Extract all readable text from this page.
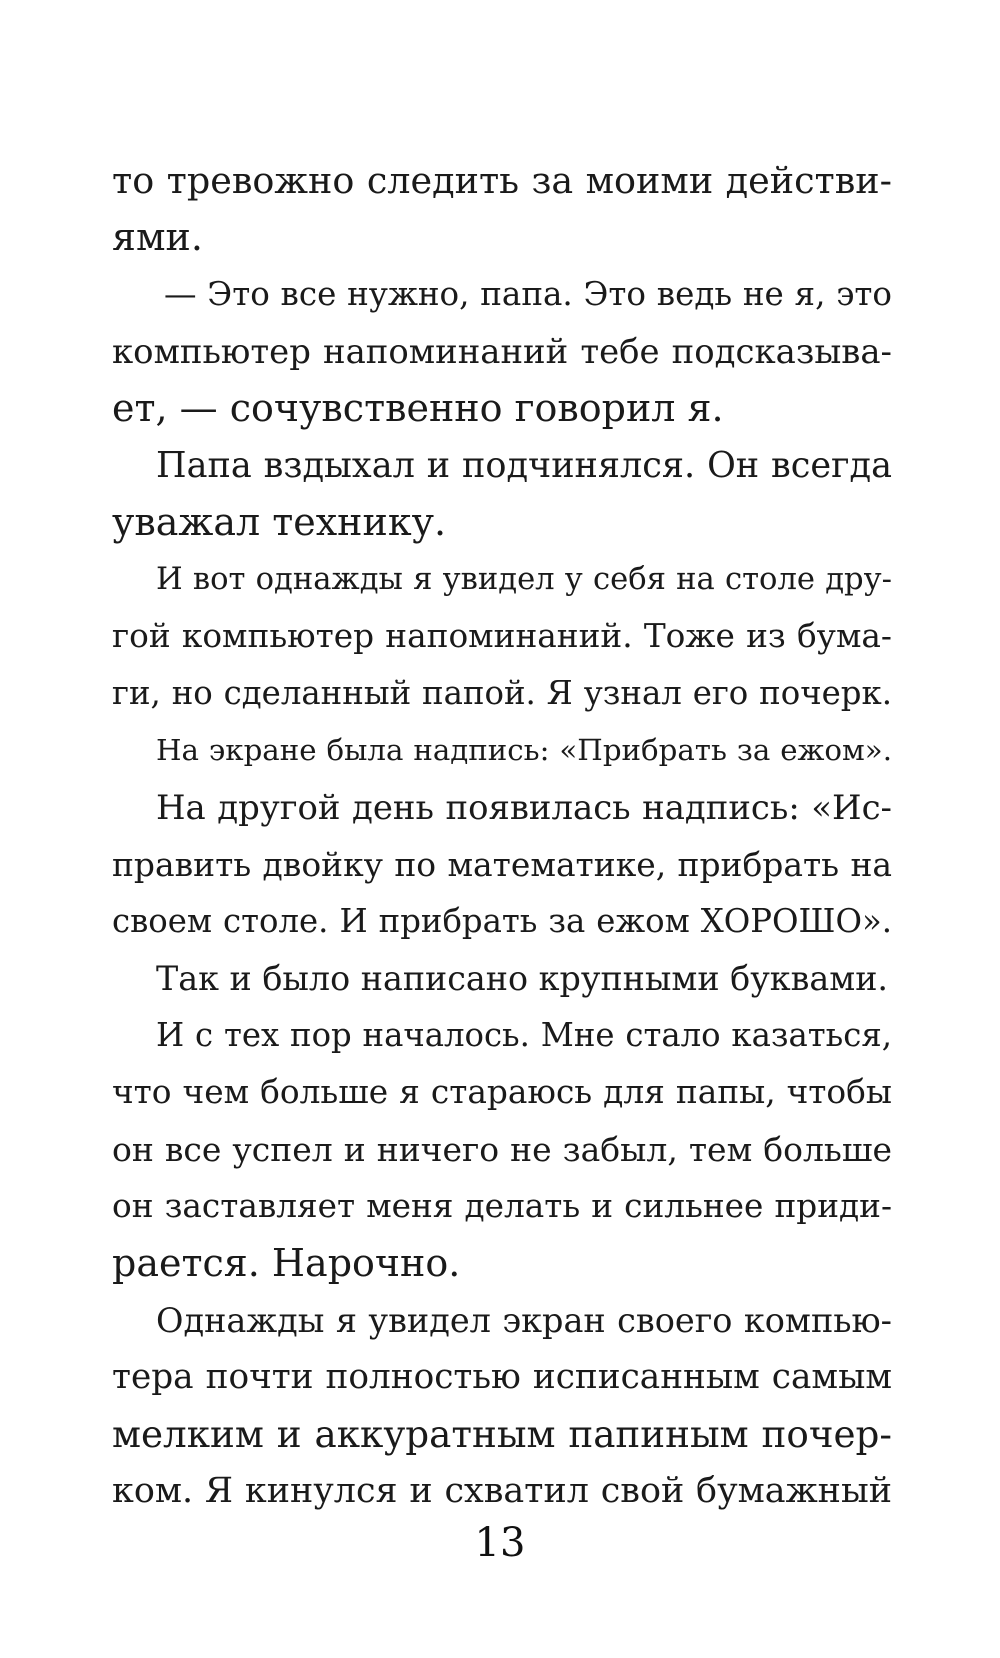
то тревожно следить за моими действи-
ями.
— Это все нужно, папа. Это ведь не я, это
компьютер напоминаний тебе подсказыва-
ет, — сочувственно говорил я.
Папа вздыхал и подчинялся. Он всегда
уважал технику.
И вот однажды я увидел у себя на столе дру-
гой компьютер напоминаний. Тоже из бума-
ги, но сделанный папой. Я узнал его почерк.
На экране была надпись: «Прибрать за ежом».
На другой день появилась надпись: «Ис-
править двойку по математике, прибрать на
своем столе. И прибрать за ежом ХОРОШО».
Так и было написано крупными буквами.
И с тех пор началось. Мне стало казаться,
что чем больше я стараюсь для папы, чтобы
он все успел и ничего не забыл, тем больше
он заставляет меня делать и сильнее приди-
рается. Нарочно.
Однажды я увидел экран своего компью-
тера почти полностью исписанным самым
мелким и аккуратным папиным почер-
ком. Я кинулся и схватил свой бумажный
13
